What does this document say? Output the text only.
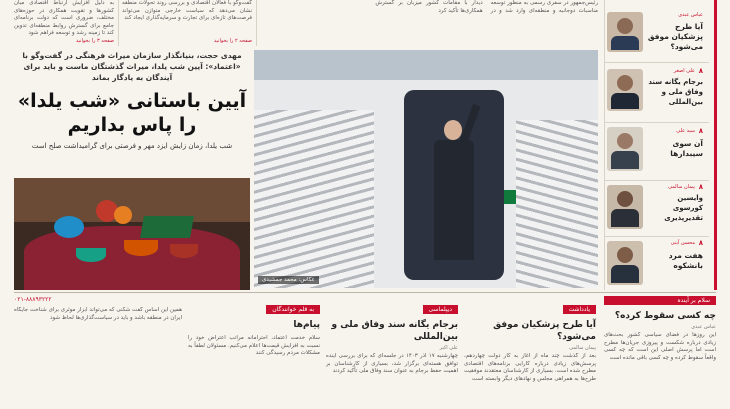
به دلیل افزایش ارتباط اقتصادی میان کشورها و تقویت همکاری در حوزه‌های مختلف، ضروری است که دولت برنامه‌ای جامع برای گسترش روابط منطقه‌ای تدوین کند تا زمینه رشد و توسعه فراهم شود
صفحه ۳ را بخوانید
گفت‌وگو با فعالان اقتصادی و بررسی روند تحولات منطقه نشان می‌دهد که سیاست خارجی متوازن می‌تواند فرصت‌های تازه‌ای برای تجارت و سرمایه‌گذاری ایجاد کند
صفحه ۲ را بخوانید
رئیس‌جمهور در سفری رسمی به منظور توسعه مناسبات دوجانبه و منطقه‌ای وارد شد و در دیدار با مقامات کشور میزبان بر گسترش همکاری‌ها تأکید کرد
مهدی حجت، بنیانگذار سازمان میراث فرهنگی در گفت‌وگو با «اعتماد»: آیین شب یلدا، میراث گذشتگان ماست و باید برای آیندگان به یادگار بماند
آیین باستانی «شب یلدا» را پاس بداریم
شب یلدا، زمان زایش ایزد مهر و فرصتی برای گرامیداشت صلح است
عکاس: محمد جمشیدی
عباس عبدی
آیا طرح پزشکیان موفق می‌شود؟
۸
علی اصغر
برجام یگانه سند وفاق ملی و بین‌المللی
۸
سید علی
آن سوی سیبدارها
۸
پیمان سالمی
وایسین کورسوی تقدیرپذیری
۸
محسن آیتی
هفت مرد بانشکوه
سلام بر آینده
چه کسی سقوط کرده؟
عباس عبدی
این روزها در فضای سیاسی کشور بحث‌های زیادی درباره شکست و پیروزی جریان‌ها مطرح است اما پرسش اصلی این است که چه کسی واقعاً سقوط کرده و چه کسی باقی مانده است
یادداشت
آیا طرح پزشکیان موفق می‌شود؟
پیمان سالمی
بعد از گذشت چند ماه از آغاز به کار دولت چهاردهم، پرسش‌های زیادی درباره کارایی برنامه‌های اقتصادی مطرح شده است. بسیاری از کارشناسان معتقدند موفقیت طرح‌ها به همراهی مجلس و نهادهای دیگر وابسته است
دیپلماسی
برجام یگانه سند وفاق ملی و بین‌المللی
علی اکبر
چهارشنبه ۱۷ آذر ۱۴۰۳ در جلسه‌ای که برای بررسی آینده توافق هسته‌ای برگزار شد، بسیاری از کارشناسان بر اهمیت حفظ برجام به عنوان سند وفاق ملی تأکید کردند
به قلم خوانندگان
پیام‌ها
سلام خدمت اعتماد، احترامانه مراتب اعتراض خود را نسبت به افزایش قیمت‌ها اعلام می‌کنیم. مسئولان لطفاً به مشکلات مردم رسیدگی کنند
۰۲۱-۸۸۸۹۳۲۲۲
همین این اساس گفت شکنی که می‌تواند ابزار موثری برای شناخت جایگاه ایران در منطقه باشد و باید در سیاست‌گذاری‌ها لحاظ شود
